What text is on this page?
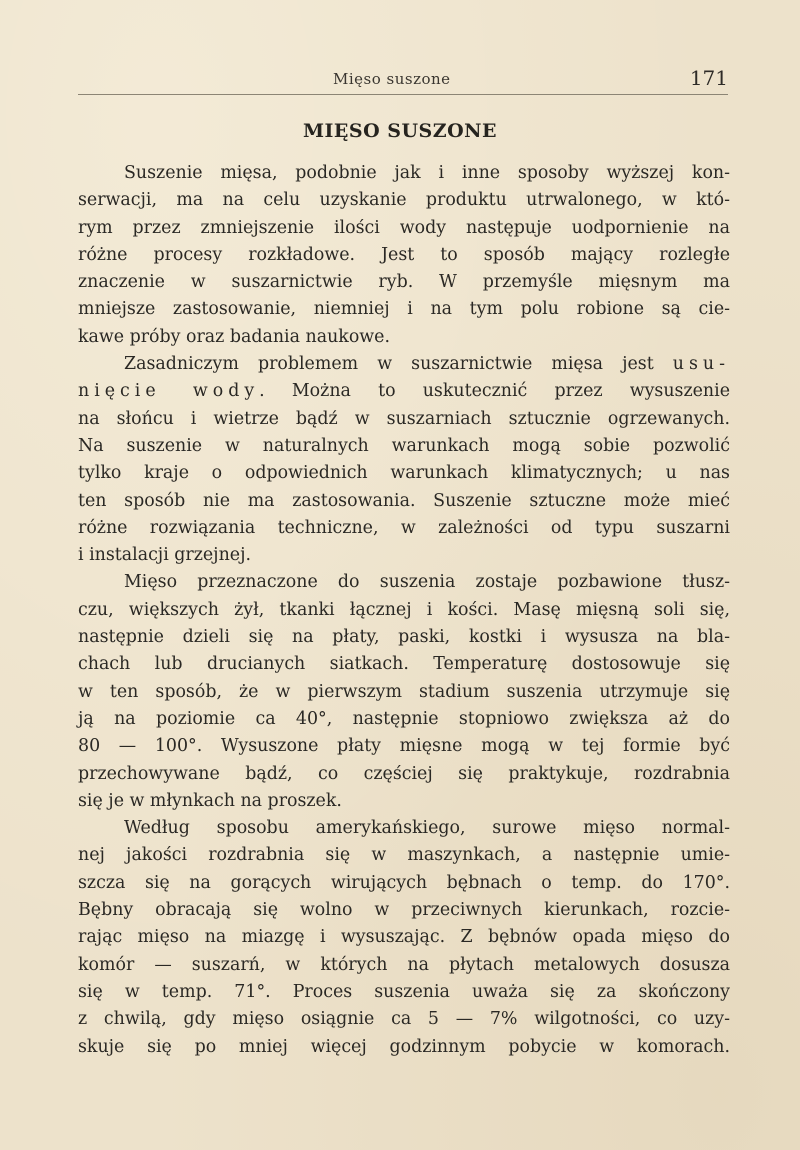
Mięso suszone	171
MIĘSO SUSZONE
Suszenie mięsa, podobnie jak i inne sposoby wyższej kon-
serwacji, ma na celu uzyskanie produktu utrwalonego, w któ-
rym przez zmniejszenie ilości wody następuje uodpornienie na
różne procesy rozkładowe. Jest to sposób mający rozległe
znaczenie w suszarnictwie ryb. W przemyśle mięsnym ma
mniejsze zastosowanie, niemniej i na tym polu robione są cie-
kawe próby oraz badania naukowe.
Zasadniczym problemem w suszarnictwie mięsa jest usu-
nięcie wody. Można to uskutecznić przez wysuszenie
na słońcu i wietrze bądź w suszarniach sztucznie ogrzewanych.
Na suszenie w naturalnych warunkach mogą sobie pozwolić
tylko kraje o odpowiednich warunkach klimatycznych; u nas
ten sposób nie ma zastosowania. Suszenie sztuczne może mieć
różne rozwiązania techniczne, w zależności od typu suszarni
i instalacji grzejnej.
Mięso przeznaczone do suszenia zostaje pozbawione tłusz-
czu, większych żył, tkanki łącznej i kości. Masę mięsną soli się,
następnie dzieli się na płaty, paski, kostki i wysusza na bla-
chach lub drucianych siatkach. Temperaturę dostosowuje się
w ten sposób, że w pierwszym stadium suszenia utrzymuje się
ją na poziomie ca 40°, następnie stopniowo zwiększa aż do
80 — 100°. Wysuszone płaty mięsne mogą w tej formie być
przechowywane bądź, co częściej się praktykuje, rozdrabnia
się je w młynkach na proszek.
Według sposobu amerykańskiego, surowe mięso normal-
nej jakości rozdrabnia się w maszynkach, a następnie umie-
szcza się na gorących wirujących bębnach o temp. do 170°.
Bębny obracają się wolno w przeciwnych kierunkach, rozcie-
rając mięso na miazgę i wysuszając. Z bębnów opada mięso do
komór — suszarń, w których na płytach metalowych dosusza
się w temp. 71°. Proces suszenia uważa się za skończony
z chwilą, gdy mięso osiągnie ca 5 — 7% wilgotności, co uzy-
skuje się po mniej więcej godzinnym pobycie w komorach.
